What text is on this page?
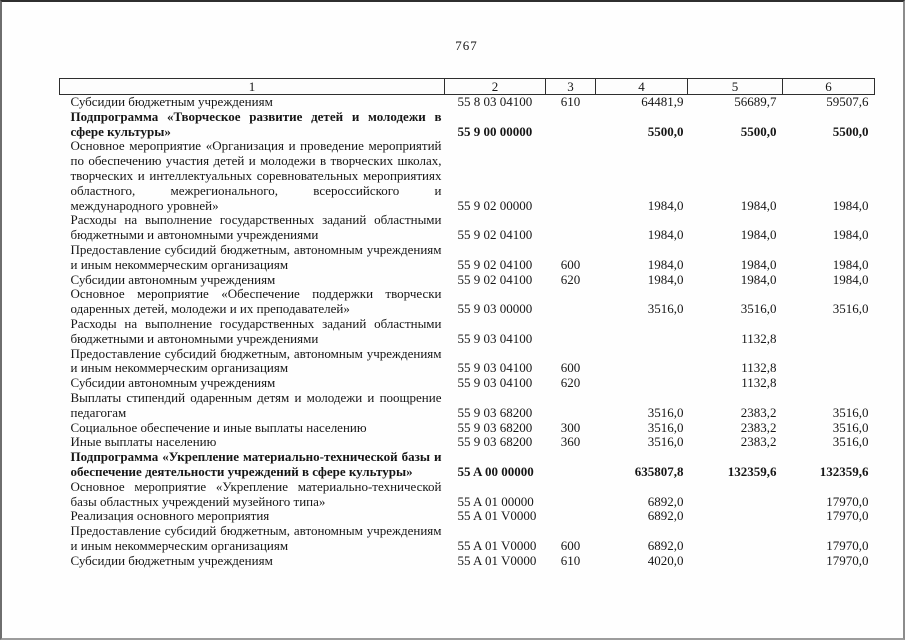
767
1	2	3	4	5	6
Субсидии бюджетным учреждениям	55 8 03 04100	610	64481,9	56689,7	59507,6
Подпрограмма «Творческое развитие детей и молодежи в сфере культуры»	55 9 00 00000		5500,0	5500,0	5500,0
Основное мероприятие «Организация и проведение мероприятий по обеспечению участия детей и молодежи в творческих школах, творческих и интеллектуальных соревновательных мероприятиях областного, межрегионального, всероссийского и международного уровней»	55 9 02 00000		1984,0	1984,0	1984,0
Расходы на выполнение государственных заданий областными бюджетными и автономными учреждениями	55 9 02 04100		1984,0	1984,0	1984,0
Предоставление субсидий бюджетным, автономным учреждениям и иным некоммерческим организациям	55 9 02 04100	600	1984,0	1984,0	1984,0
Субсидии автономным учреждениям	55 9 02 04100	620	1984,0	1984,0	1984,0
Основное мероприятие «Обеспечение поддержки творчески одаренных детей, молодежи и их преподавателей»	55 9 03 00000		3516,0	3516,0	3516,0
Расходы на выполнение государственных заданий областными бюджетными и автономными учреждениями	55 9 03 04100			1132,8	
Предоставление субсидий бюджетным, автономным учреждениям и иным некоммерческим организациям	55 9 03 04100	600		1132,8	
Субсидии автономным учреждениям	55 9 03 04100	620		1132,8	
Выплаты стипендий одаренным детям и молодежи и поощрение педагогам	55 9 03 68200		3516,0	2383,2	3516,0
Социальное обеспечение и иные выплаты населению	55 9 03 68200	300	3516,0	2383,2	3516,0
Иные выплаты населению	55 9 03 68200	360	3516,0	2383,2	3516,0
Подпрограмма «Укрепление материально-технической базы и обеспечение деятельности учреждений в сфере культуры»	55 A 00 00000		635807,8	132359,6	132359,6
Основное мероприятие «Укрепление материально-технической базы областных учреждений музейного типа»	55 A 01 00000		6892,0		17970,0
Реализация основного мероприятия	55 A 01 V0000		6892,0		17970,0
Предоставление субсидий бюджетным, автономным учреждениям и иным некоммерческим организациям	55 A 01 V0000	600	6892,0		17970,0
Субсидии бюджетным учреждениям	55 A 01 V0000	610	4020,0		17970,0
